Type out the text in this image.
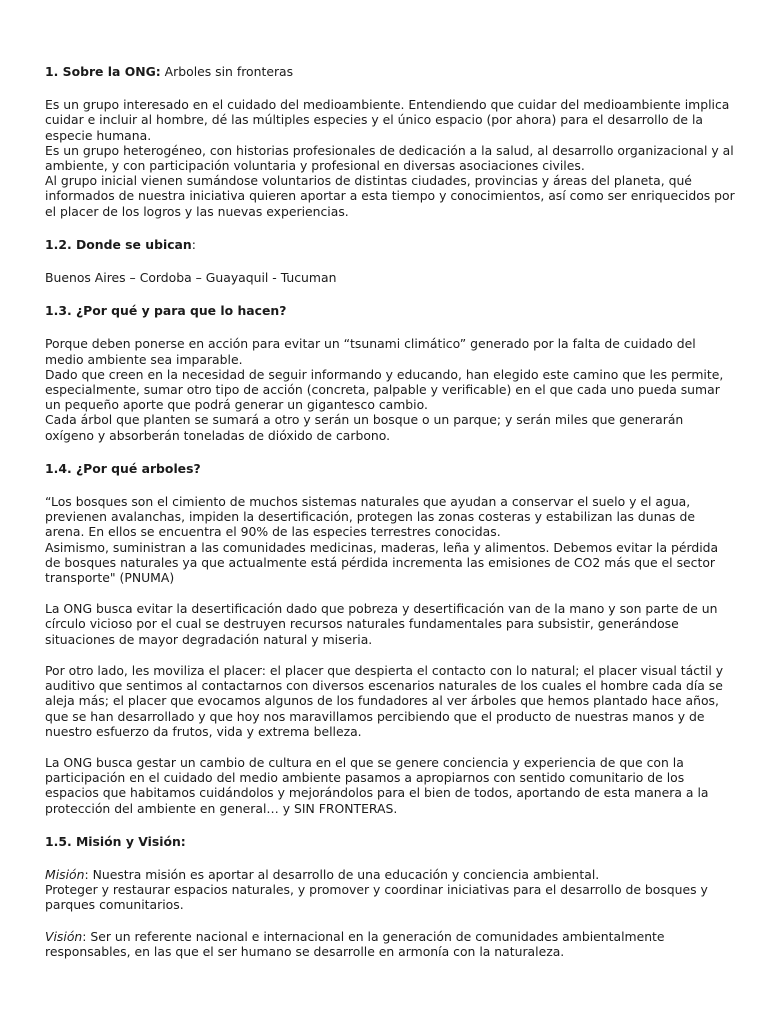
1. Sobre la ONG: Arboles sin fronteras

Es un grupo interesado en el cuidado del medioambiente. Entendiendo que cuidar del medioambiente implica cuidar e incluir al hombre, dé las múltiples especies y el único espacio (por ahora) para el desarrollo de la especie humana.

Es un grupo heterogéneo, con historias profesionales de dedicación a la salud, al desarrollo organizacional y al ambiente, y con participación voluntaria y profesional en diversas asociaciones civiles.

Al grupo inicial vienen sumándose voluntarios de distintas ciudades, provincias y áreas del planeta, qué informados de nuestra iniciativa quieren aportar a esta tiempo y conocimientos, así como ser enriquecidos por el placer de los logros y las nuevas experiencias.

1.2. Donde se ubican:

Buenos Aires – Cordoba – Guayaquil - Tucuman

1.3. ¿Por qué y para que lo hacen?

Porque deben ponerse en acción para evitar un “tsunami climático” generado por la falta de cuidado del medio ambiente sea imparable.

Dado que creen en la necesidad de seguir informando y educando, han elegido este camino que les permite, especialmente, sumar otro tipo de acción (concreta, palpable y verificable) en el que cada uno pueda sumar un pequeño aporte que podrá generar un gigantesco cambio.

Cada árbol que planten se sumará a otro y serán un bosque o un parque; y serán miles que generarán oxígeno y absorberán toneladas de dióxido de carbono.

1.4. ¿Por qué arboles?

“Los bosques son el cimiento de muchos sistemas naturales que ayudan a conservar el suelo y el agua, previenen avalanchas, impiden la desertificación, protegen las zonas costeras y estabilizan las dunas de arena. En ellos se encuentra el 90% de las especies terrestres conocidas.

Asimismo, suministran a las comunidades medicinas, maderas, leña y alimentos. Debemos evitar la pérdida de bosques naturales ya que actualmente está pérdida incrementa las emisiones de CO2 más que el sector transporte" (PNUMA)

La ONG busca evitar la desertificación dado que pobreza y desertificación van de la mano y son parte de un círculo vicioso por el cual se destruyen recursos naturales fundamentales para subsistir, generándose situaciones de mayor degradación natural y miseria.

Por otro lado, les moviliza el placer: el placer que despierta el contacto con lo natural; el placer visual táctil y auditivo que sentimos al contactarnos con diversos escenarios naturales de los cuales el hombre cada día se aleja más; el placer que evocamos algunos de los fundadores al ver árboles que hemos plantado hace años, que se han desarrollado y que hoy nos maravillamos percibiendo que el producto de nuestras manos y de nuestro esfuerzo da frutos, vida y extrema belleza.

La ONG busca gestar un cambio de cultura en el que se genere conciencia y experiencia de que con la participación en el cuidado del medio ambiente pasamos a apropiarnos con sentido comunitario de los espacios que habitamos cuidándolos y mejorándolos para el bien de todos, aportando de esta manera a la protección del ambiente en general… y SIN FRONTERAS.

1.5. Misión y Visión:

Misión: Nuestra misión es aportar al desarrollo de una educación y conciencia ambiental.

Proteger y restaurar espacios naturales, y promover y coordinar iniciativas para el desarrollo de bosques y parques comunitarios.

Visión: Ser un referente nacional e internacional en la generación de comunidades ambientalmente responsables, en las que el ser humano se desarrolle en armonía con la naturaleza.
